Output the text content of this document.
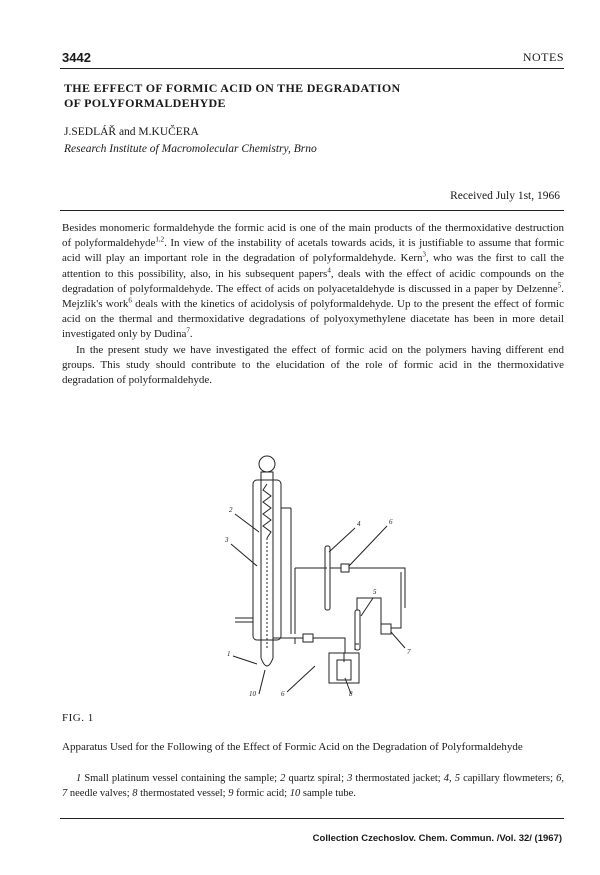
3442	NOTES
THE EFFECT OF FORMIC ACID ON THE DEGRADATION
OF POLYFORMALDEHYDE
J.SEDLÁŘ and M.KUČERA
Research Institute of Macromolecular Chemistry, Brno
Received July 1st, 1966

Besides monomeric formaldehyde the formic acid is one of the main products of the thermoxidative destruction of polyformaldehyde$^{1,2}$. In view of the instability of acetals towards acids, it is justifiable to assume that formic acid will play an important role in the degradation of polyformaldehyde. Kern$^3$, who was the first to call the attention to this possibility, also, in his subsequent papers$^4$, deals with the effect of acidic compounds on the degradation of polyformaldehyde. The effect of acids on polyacetaldehyde is discussed in a paper by Delzenne$^5$. Mejzlík's work$^6$ deals with the kinetics of acidolysis of polyformaldehyde. Up to the present the effect of formic acid on the thermal and thermoxidative degradations of polyoxymethylene diacetate has been in more detail investigated only by Dudina$^7$.

In the present study we have investigated the effect of formic acid on the polymers having different end groups. This study should contribute to the elucidation of the role of formic acid in the thermoxidative degradation of polyformaldehyde.

2
3
4	6
5
7
1
6	8
10
FIG. 1
Apparatus Used for the Following of the Effect of Formic Acid on the Degradation of Polyformaldehyde
1 Small platinum vessel containing the sample; 2 quartz spiral; 3 thermostated jacket; 4, 5 capillary flowmeters; 6, 7 needle valves; 8 thermostated vessel; 9 formic acid; 10 sample tube.
Collection Czechoslov. Chem. Commun. /Vol. 32/ (1967)
